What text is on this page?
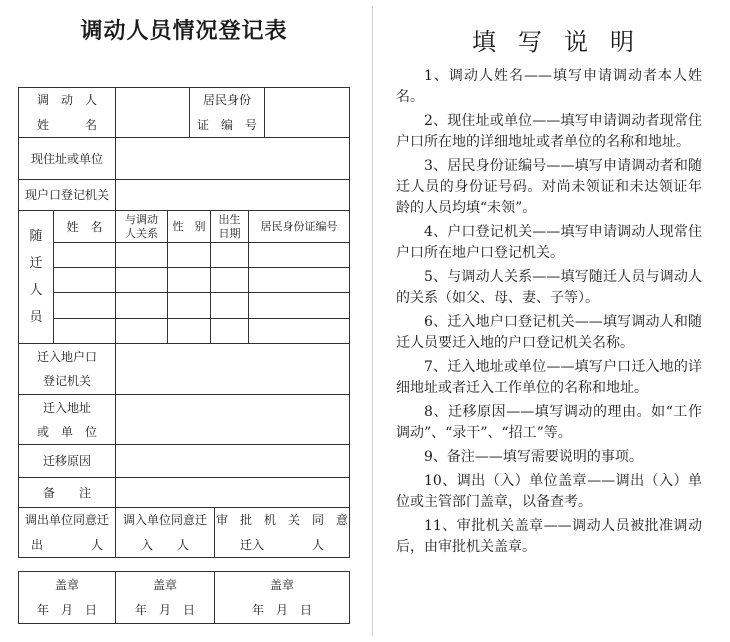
调动人员情况登记表	填写说明
调　动　人
姓　　　名
居民身份
证　编　号
现住址或单位
现户口登记机关
随
迁
人
员
姓　名	与调动
人关系
性　别
出生
日期
居民身份证编号
迁入地户口
登记机关
迁入地址
或　单　位
迁移原因
备　　注
调出单位同意迁
出　　　　人
调入单位同意迁
入　　人
审　批　机　关　同　意
迁入　　　　人
盖章
年　月　日
盖章
年　月　日
盖章
年　月　日

1、调动人姓名——填写申请调动者本人姓名。

2、现住址或单位——填写申请调动者现常住户口所在地的详细地址或者单位的名称和地址。

3、居民身份证编号——填写申请调动者和随迁人员的身份证号码。对尚未领证和未达领证年龄的人员均填“未领”。

4、户口登记机关——填写申请调动人现常住户口所在地户口登记机关。

5、与调动人关系——填写随迁人员与调动人的关系（如父、母、妻、子等）。

6、迁入地户口登记机关——填写调动人和随迁人员要迁入地的户口登记机关名称。

7、迁入地址或单位——填写户口迁入地的详细地址或者迁入工作单位的名称和地址。

8、迁移原因——填写调动的理由。如“工作调动”、“录干”、“招工”等。

9、备注——填写需要说明的事项。

10、调出（入）单位盖章——调出（入）单位或主管部门盖章，以备查考。

11、审批机关盖章——调动人员被批准调动后，由审批机关盖章。
